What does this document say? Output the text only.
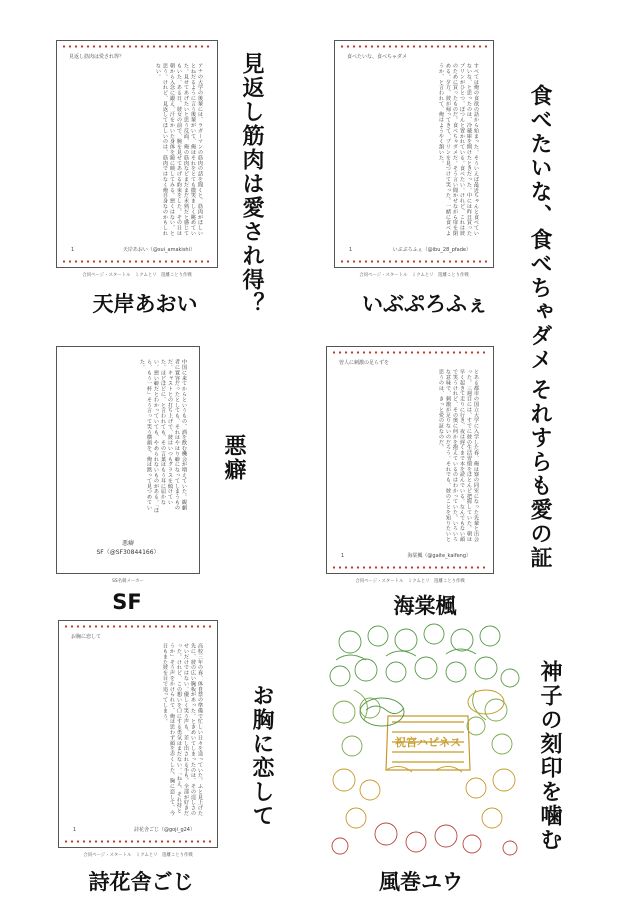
見返し筋肉は愛され得？
アナの大学の後輩には、ラガーマンの筋肉の話を聞くと、筋肉がほしいとねだるように言う後輩がいて、俺はそれをとても微笑ましく眺めていた。見せてあげたいと思う反面、俺の筋肉などまだまだ未熟だと感じてもいた。ある日、彼女の前で、腕を見せてあげる約束をした。その日は朝から入念に鍛え、汗をかいた身体を鏡に映してみる。悪くはない、と思う。けれど、見返してほしいのは、筋肉ではなく俺自身なのかもしれない。
1	天岸あおい（@sui_amakishi）
合同ページ・スタートル　ミクムとリ　遊離ことり作戦	見返し筋肉は愛され得？
天岸あおい
食べたいな、食べちゃダメ
すべては俺の食欲の話から始まった。そういえば最近ちゃんと食べていないな、と思ったのは、冷蔵庫を開けたときだった。中には昨日買ったプリンがひとつ、ぽつんと置かれている。食べたい。けれど、これは彼のために買ったものだ。食べちゃダメだ。そう言い聞かせながら扉を閉める。夕方、彼が帰ってきて、プリンを見つけて笑った。一緒に食べようか、と言われて、俺はようやく頷いた。
1	いぶぷろふぇ（@ibu_28_pfade）
合同ページ・スタートル　ミクムとリ　遊離ことり作戦	食べたいな、食べちゃダメ
いぶぷろふぇ
中国に来てからというもの、酒を飲む機会が増えていた。観劇者に寛容だったとしても、それはやはり癖になってしまうものだ。キャストとの打ち上げで、彼はいつもグラスを傾けていた。ほどほどに、と言われても、その言葉はもう耳に届かない。悪い癖だとわかっていても、やめられないものがある。「ほら、もう一杯」そう言って笑う横顔を、俺は黙って見つめていた。
悪癖
SF（@SF30844166）
SS名刺メーカー
悪癖
SF
曽人に刺激の足らずを
とある都市の国立大学に入学した春、俺は寮の同室になった先輩と出会った。三週目には、すでに彼の生活習慣をほとんど把握していた。朝は早く起きて走りに行き、夜は遅くまで本を読んでいる。なんでもない顔で笑うけれど、その奥に何かを抱えているのはわかっていた。いろいろな意味で、刺激が足りないのだろう。それでも、彼のことを知りたいと思うのは、きっと愛の証なのだ。
1	海棠楓（@gaite_kaifeng）
合同ページ・スタートル　ミクムとリ　遊離ことり作戦
それすらも愛の証
海棠楓
お胸に恋して
高校三年の春、体育祭の準備で忙しい日々を送っていた。ふと見上げた先に、彼の広い胸板があった。ときめいてしまったのは、その逞しさのせいだけではない。優しく笑う声も、差し出される手も、全部が好きだった。けれど、この想いを口にする勇気はまだない。「ねえ、それ持とうか」そう声をかけられて、俺は思わず顔を赤くした。胸に恋して、今日もまた彼を目で追ってしまう。
1	詩花舎ごじ（@goji_g24）
合同ページ・スタートル　ミクムとリ　遊離ことり作戦
お胸に恋して
詩花舎ごじ
祝宮ハピネス	神子の刻印を噛む
風巻ユウ
